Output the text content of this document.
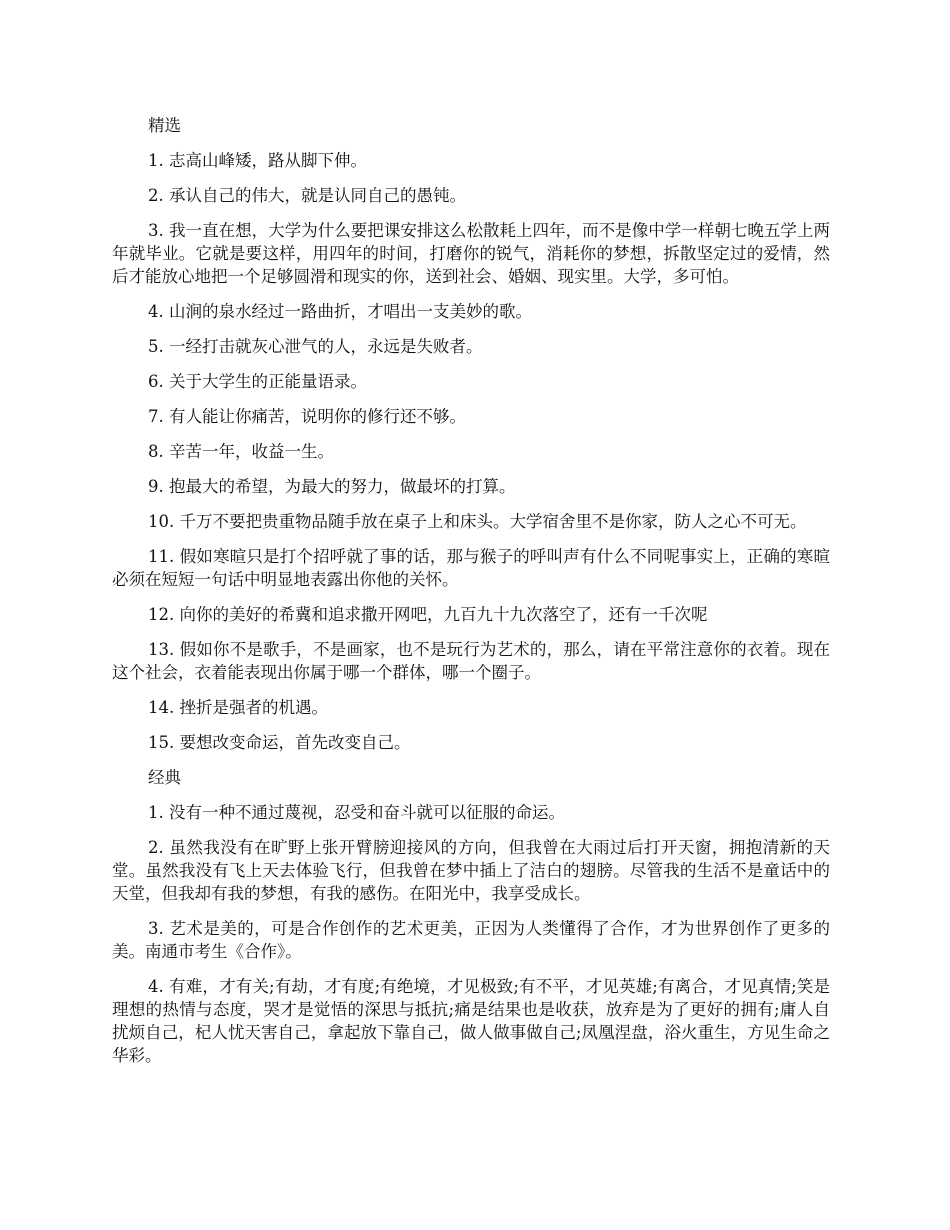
精选

1. 志高山峰矮，路从脚下伸。

2. 承认自己的伟大，就是认同自己的愚钝。

3. 我一直在想，大学为什么要把课安排这么松散耗上四年，而不是像中学一样朝七晚五学上两年就毕业。它就是要这样，用四年的时间，打磨你的锐气，消耗你的梦想，拆散坚定过的爱情，然后才能放心地把一个足够圆滑和现实的你，送到社会、婚姻、现实里。大学，多可怕。

4. 山涧的泉水经过一路曲折，才唱出一支美妙的歌。

5. 一经打击就灰心泄气的人，永远是失败者。

6. 关于大学生的正能量语录。

7. 有人能让你痛苦，说明你的修行还不够。

8. 辛苦一年，收益一生。

9. 抱最大的希望，为最大的努力，做最坏的打算。

10. 千万不要把贵重物品随手放在桌子上和床头。大学宿舍里不是你家，防人之心不可无。

11. 假如寒暄只是打个招呼就了事的话，那与猴子的呼叫声有什么不同呢事实上，正确的寒暄必须在短短一句话中明显地表露出你他的关怀。

12. 向你的美好的希冀和追求撒开网吧，九百九十九次落空了，还有一千次呢

13. 假如你不是歌手，不是画家，也不是玩行为艺术的，那么，请在平常注意你的衣着。现在这个社会，衣着能表现出你属于哪一个群体，哪一个圈子。

14. 挫折是强者的机遇。

15. 要想改变命运，首先改变自己。

经典

1. 没有一种不通过蔑视，忍受和奋斗就可以征服的命运。

2. 虽然我没有在旷野上张开臂膀迎接风的方向，但我曾在大雨过后打开天窗，拥抱清新的天堂。虽然我没有飞上天去体验飞行，但我曾在梦中插上了洁白的翅膀。尽管我的生活不是童话中的天堂，但我却有我的梦想，有我的感伤。在阳光中，我享受成长。

3. 艺术是美的，可是合作创作的艺术更美，正因为人类懂得了合作，才为世界创作了更多的美。南通市考生《合作》。

4. 有难，才有关;有劫，才有度;有绝境，才见极致;有不平，才见英雄;有离合，才见真情;笑是理想的热情与态度，哭才是觉悟的深思与抵抗;痛是结果也是收获，放弃是为了更好的拥有;庸人自扰烦自己，杞人忧天害自己，拿起放下靠自己，做人做事做自己;凤凰涅盘，浴火重生，方见生命之华彩。
